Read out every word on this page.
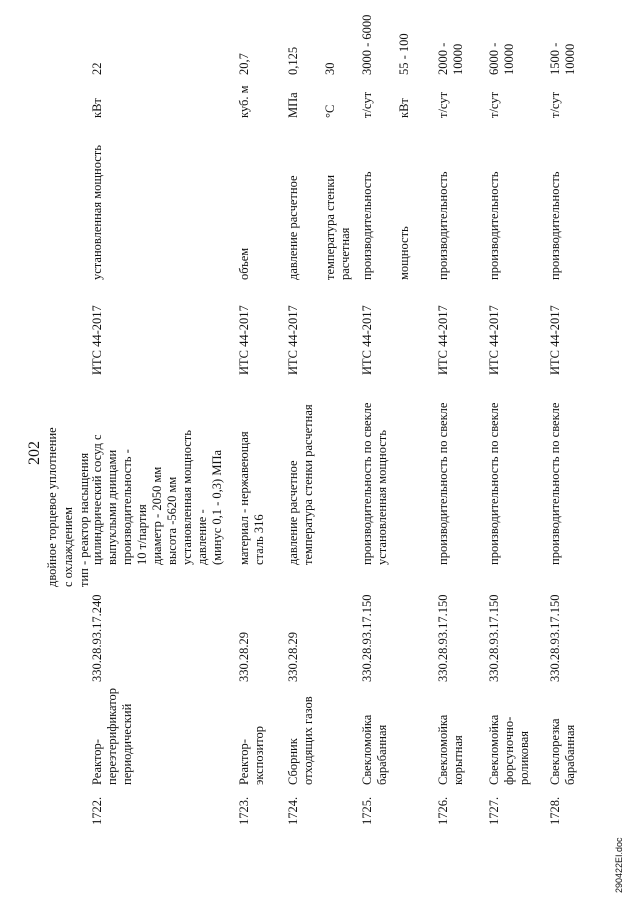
202 двойное торцевое уплотнение с охлаждением тип - реактор насыщения
1722.
Реактор- переэтерификатор периодический
330.28.93.17.240
цилиндрический сосуд с выпуклыми днищами производительность - 10 т/партия диаметр - 2050 мм высота -5620 мм установленная мощность давление - (минус 0,1 - 0,3) МПа
ИТС 44-2017
установленная мощность
кВт
22
1723.
Реактор- экспозитор
330.28.29
материал - нержавеющая сталь 316
ИТС 44-2017
объем
куб. м
20,7
1724.
Сборник отходящих газов
330.28.29
давление расчетное температура стенки расчетная
ИТС 44-2017
давление расчетное
МПа
0,125
температура стенки
°С
30
расчетная
1725.
Свекломойка барабанная
330.28.93.17.150
производительность по свекле установленная мощность
ИТС 44-2017
производительность
т/сут
3000 - 6000
мощность
кВт
55 - 100
1726.
Свекломойка корытная
330.28.93.17.150
производительность по свекле
ИТС 44-2017
производительность
т/сут
2000 - 10000
1727.
Свекломойка форсуночно- роликовая
330.28.93.17.150
производительность по свекле
ИТС 44-2017
производительность
т/сут
6000 - 10000
1728.
Свеклорезка барабанная
330.28.93.17.150
производительность по свекле
ИТС 44-2017
производительность
т/сут
1500 - 10000
290422EI.doc
